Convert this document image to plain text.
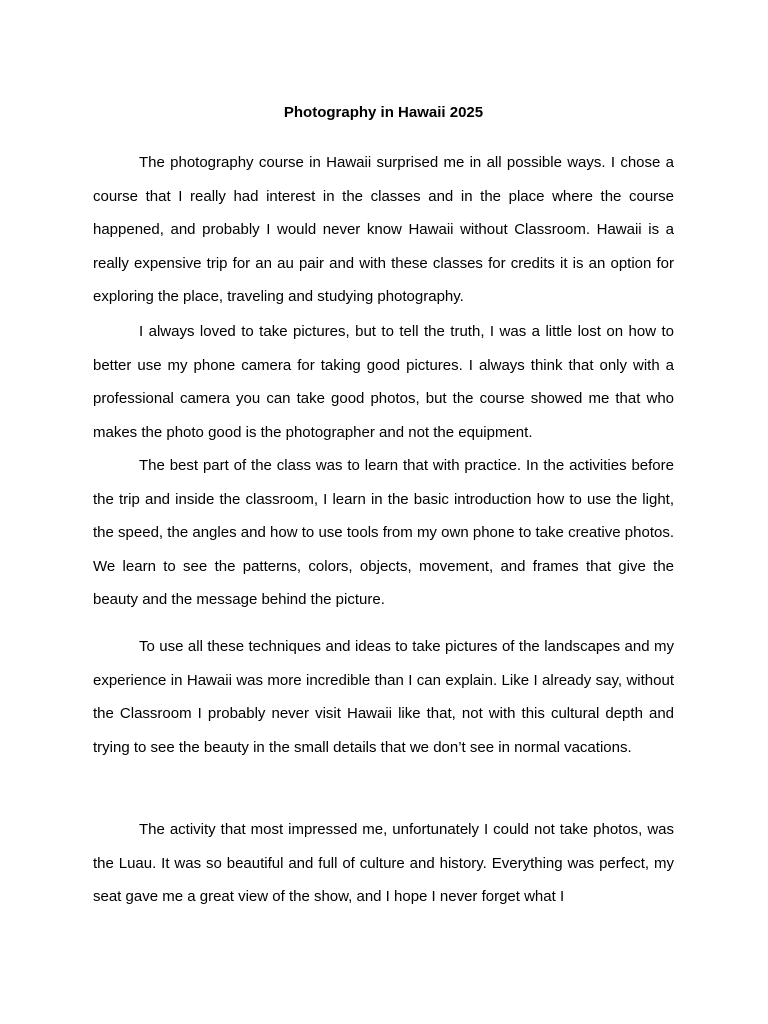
Photography in Hawaii 2025

The photography course in Hawaii surprised me in all possible ways. I chose a course that I really had interest in the classes and in the place where the course happened, and probably I would never know Hawaii without Classroom. Hawaii is a really expensive trip for an au pair and with these classes for credits it is an option for exploring the place, traveling and studying photography.

I always loved to take pictures, but to tell the truth, I was a little lost on how to better use my phone camera for taking good pictures. I always think that only with a professional camera you can take good photos, but the course showed me that who makes the photo good is the photographer and not the equipment.

The best part of the class was to learn that with practice. In the activities before the trip and inside the classroom, I learn in the basic introduction how to use the light, the speed, the angles and how to use tools from my own phone to take creative photos. We learn to see the patterns, colors, objects, movement, and frames that give the beauty and the message behind the picture.

To use all these techniques and ideas to take pictures of the landscapes and my experience in Hawaii was more incredible than I can explain. Like I already say, without the Classroom I probably never visit Hawaii like that, not with this cultural depth and trying to see the beauty in the small details that we don’t see in normal vacations.

The activity that most impressed me, unfortunately I could not take photos, was the Luau. It was so beautiful and full of culture and history. Everything was perfect, my seat gave me a great view of the show, and I hope I never forget what I
